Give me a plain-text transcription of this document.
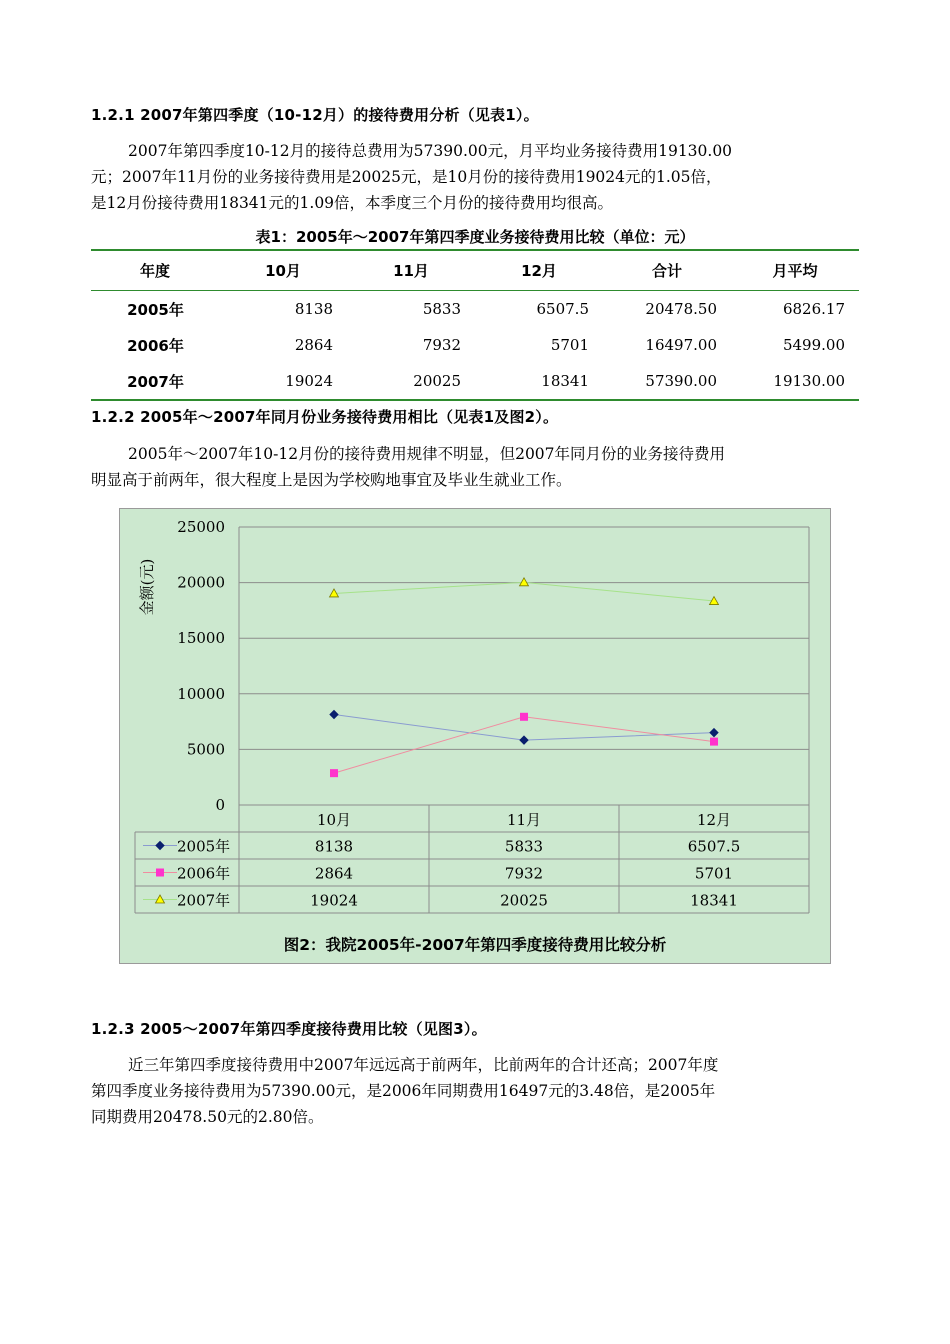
1.2.1 2007年第四季度（10-12月）的接待费用分析（见表1）。
2007年第四季度10-12月的接待总费用为57390.00元，月平均业务接待费用19130.00
元；2007年11月份的业务接待费用是20025元，是10月份的接待费用19024元的1.05倍，
是12月份接待费用18341元的1.09倍，本季度三个月份的接待费用均很高。
表1：2005年～2007年第四季度业务接待费用比较（单位：元）
年度	10月	11月	12月	合计	月平均
2005年	8138	5833	6507.5	20478.50	6826.17
2006年	2864	7932	5701	16497.00	5499.00
2007年	19024	20025	18341	57390.00	19130.00
1.2.2 2005年～2007年同月份业务接待费用相比（见表1及图2）。
2005年～2007年10-12月份的接待费用规律不明显，但2007年同月份的业务接待费用
明显高于前两年，很大程度上是因为学校购地事宜及毕业生就业工作。
0
5000
10000
15000
20000
25000
金额(元)
10月	11月	12月
2005年	8138	5833	6507.5
2006年	2864	7932	5701
2007年	19024	20025	18341
图2：我院2005年-2007年第四季度接待费用比较分析
1.2.3 2005～2007年第四季度接待费用比较（见图3）。
近三年第四季度接待费用中2007年远远高于前两年，比前两年的合计还高；2007年度
第四季度业务接待费用为57390.00元，是2006年同期费用16497元的3.48倍，是2005年
同期费用20478.50元的2.80倍。
